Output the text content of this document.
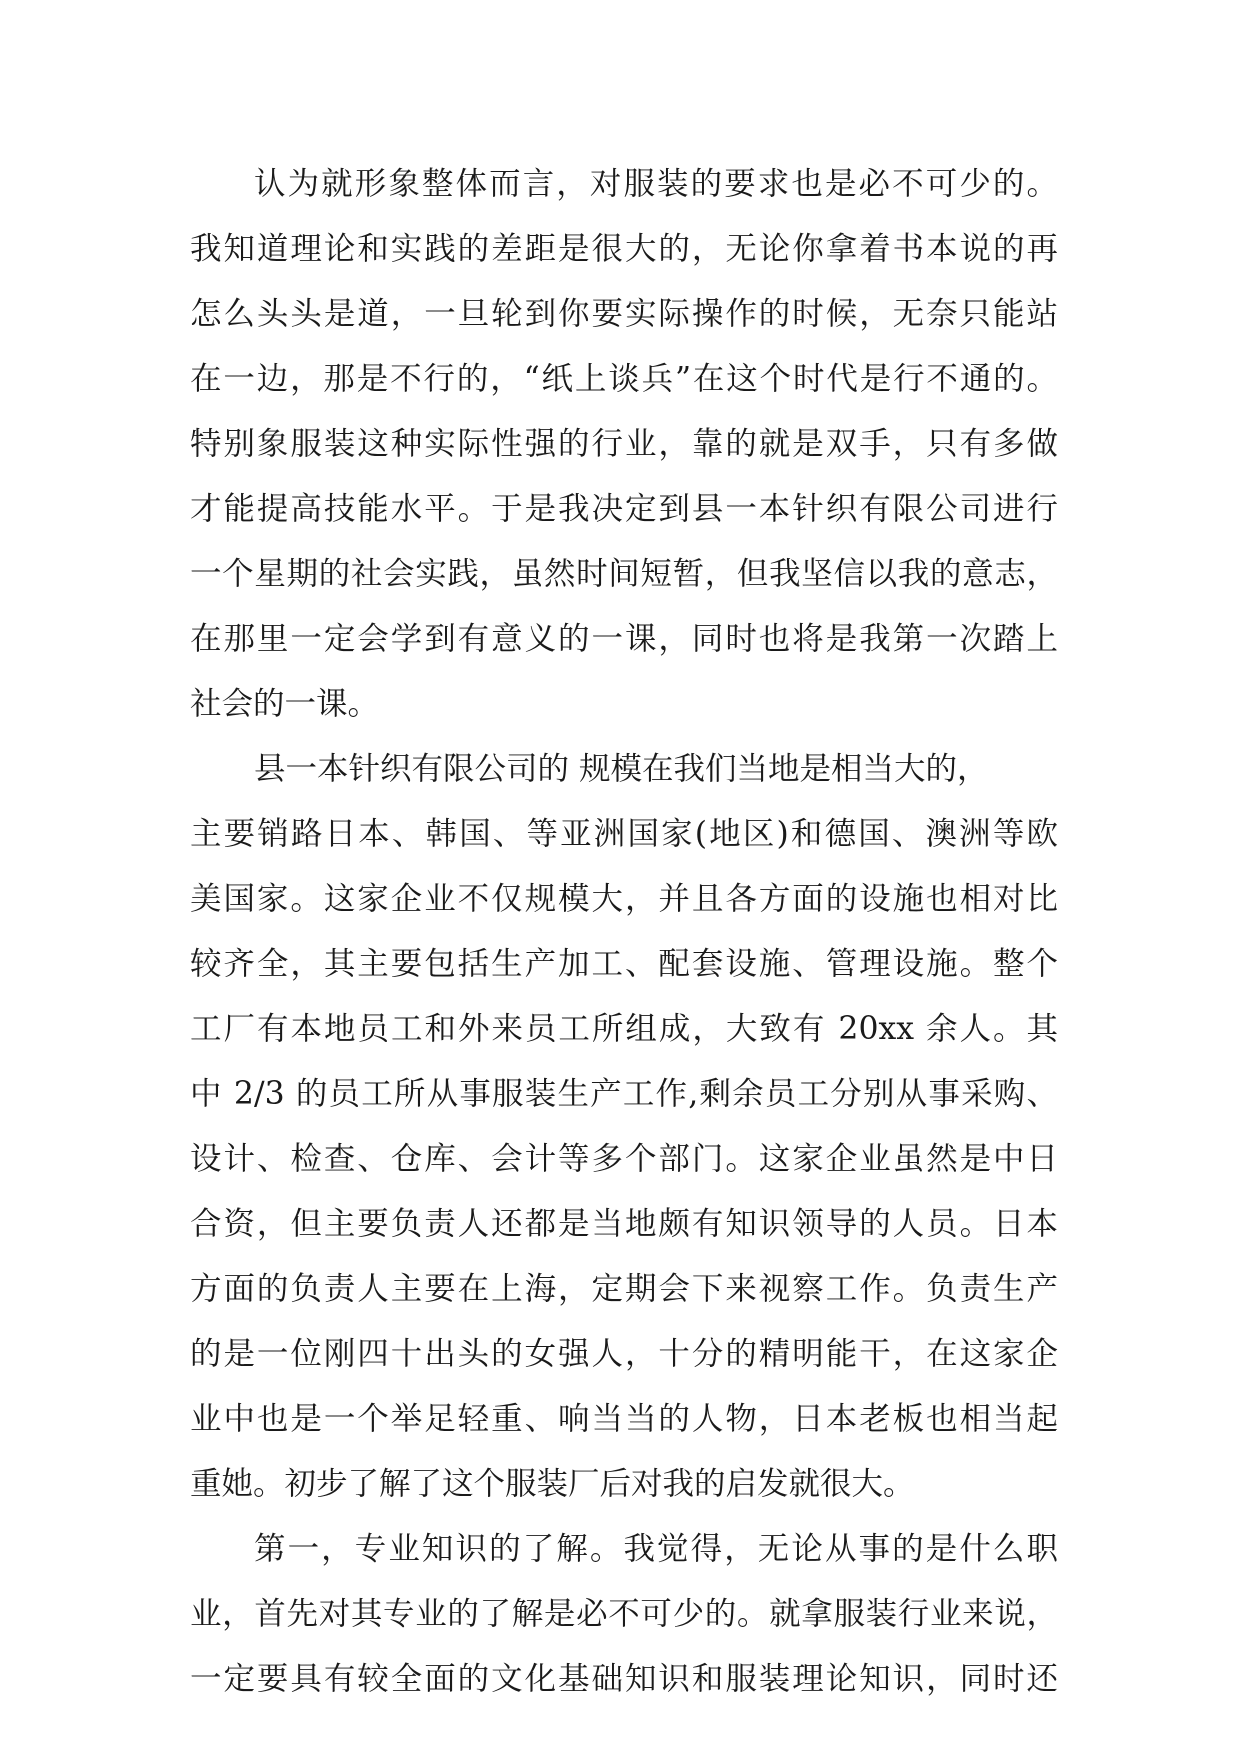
认为就形象整体而言，对服装的要求也是必不可少的。
我知道理论和实践的差距是很大的，无论你拿着书本说的再
怎么头头是道，一旦轮到你要实际操作的时候，无奈只能站
在一边，那是不行的，“纸上谈兵”在这个时代是行不通的。
特别象服装这种实际性强的行业，靠的就是双手，只有多做
才能提高技能水平。于是我决定到县一本针织有限公司进行
一个星期的社会实践，虽然时间短暂，但我坚信以我的意志，
在那里一定会学到有意义的一课，同时也将是我第一次踏上
社会的一课。
县一本针织有限公司的 规模在我们当地是相当大的，
主要销路日本、韩国、等亚洲国家(地区)和德国、澳洲等欧
美国家。这家企业不仅规模大，并且各方面的设施也相对比
较齐全，其主要包括生产加工、配套设施、管理设施。整个
工厂有本地员工和外来员工所组成，大致有 20xx 余人。其
中 2/3 的员工所从事服装生产工作,剩余员工分别从事采购、
设计、检查、仓库、会计等多个部门。这家企业虽然是中日
合资，但主要负责人还都是当地颇有知识领导的人员。日本
方面的负责人主要在上海，定期会下来视察工作。负责生产
的是一位刚四十出头的女强人，十分的精明能干，在这家企
业中也是一个举足轻重、响当当的人物，日本老板也相当起
重她。初步了解了这个服装厂后对我的启发就很大。
第一，专业知识的了解。我觉得，无论从事的是什么职
业，首先对其专业的了解是必不可少的。就拿服装行业来说，
一定要具有较全面的文化基础知识和服装理论知识，同时还
